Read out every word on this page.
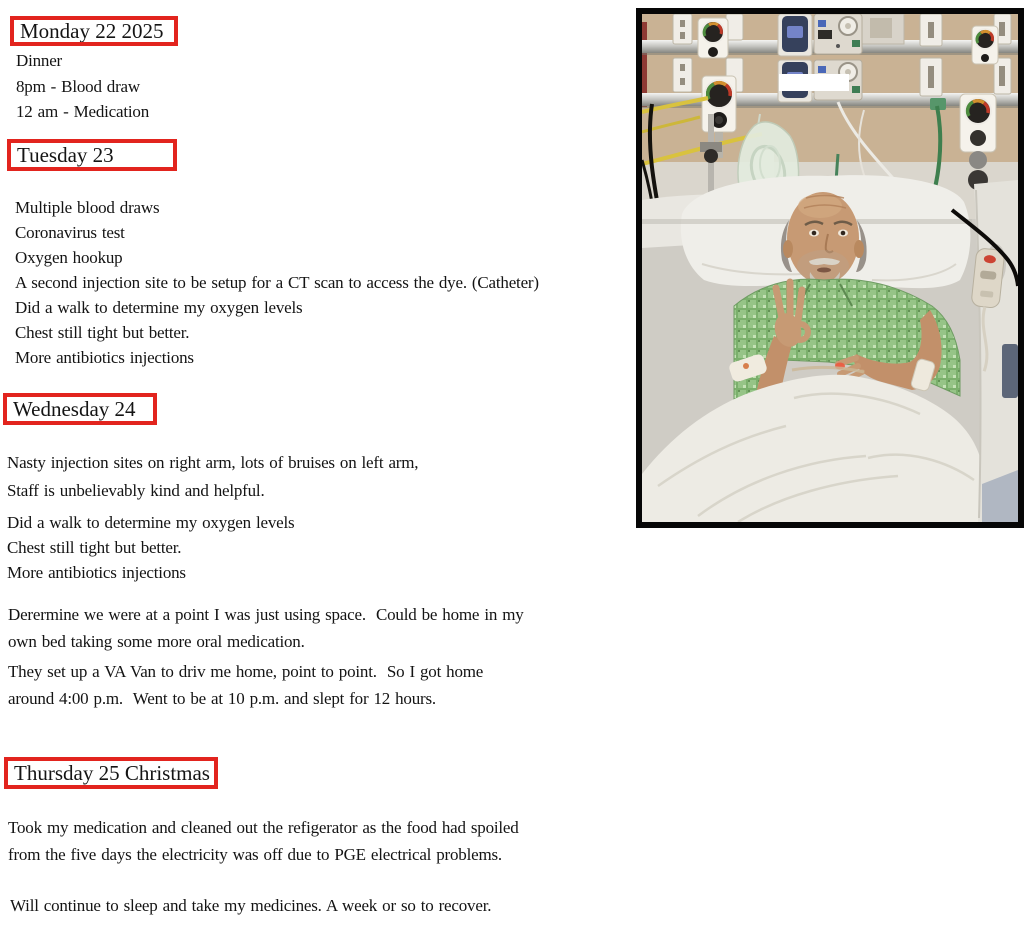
Monday 22 2025

Dinner

8pm - Blood draw

12 am - Medication

Tuesday 23

Multiple blood draws

Coronavirus test

Oxygen hookup

A second injection site to be setup for a CT scan to access the dye. (Catheter)

Did a walk to determine my oxygen levels

Chest still tight but better.

More antibiotics injections

Wednesday 24

Nasty injection sites on right arm, lots of bruises on left arm,

Staff is unbelievably kind and helpful.

Did a walk to determine my oxygen levels

Chest still tight but better.

More antibiotics injections

Derermine we were at a point I was just using space.  Could be home in my

own bed taking some more oral medication.

They set up a VA Van to driv me home, point to point.  So I got home

around 4:00 p.m.  Went to be at 10 p.m. and slept for 12 hours.

Thursday 25 Christmas

Took my medication and cleaned out the refigerator as the food had spoiled

from the five days the electricity was off due to PGE electrical problems.

Will continue to sleep and take my medicines. A week or so to recover.
